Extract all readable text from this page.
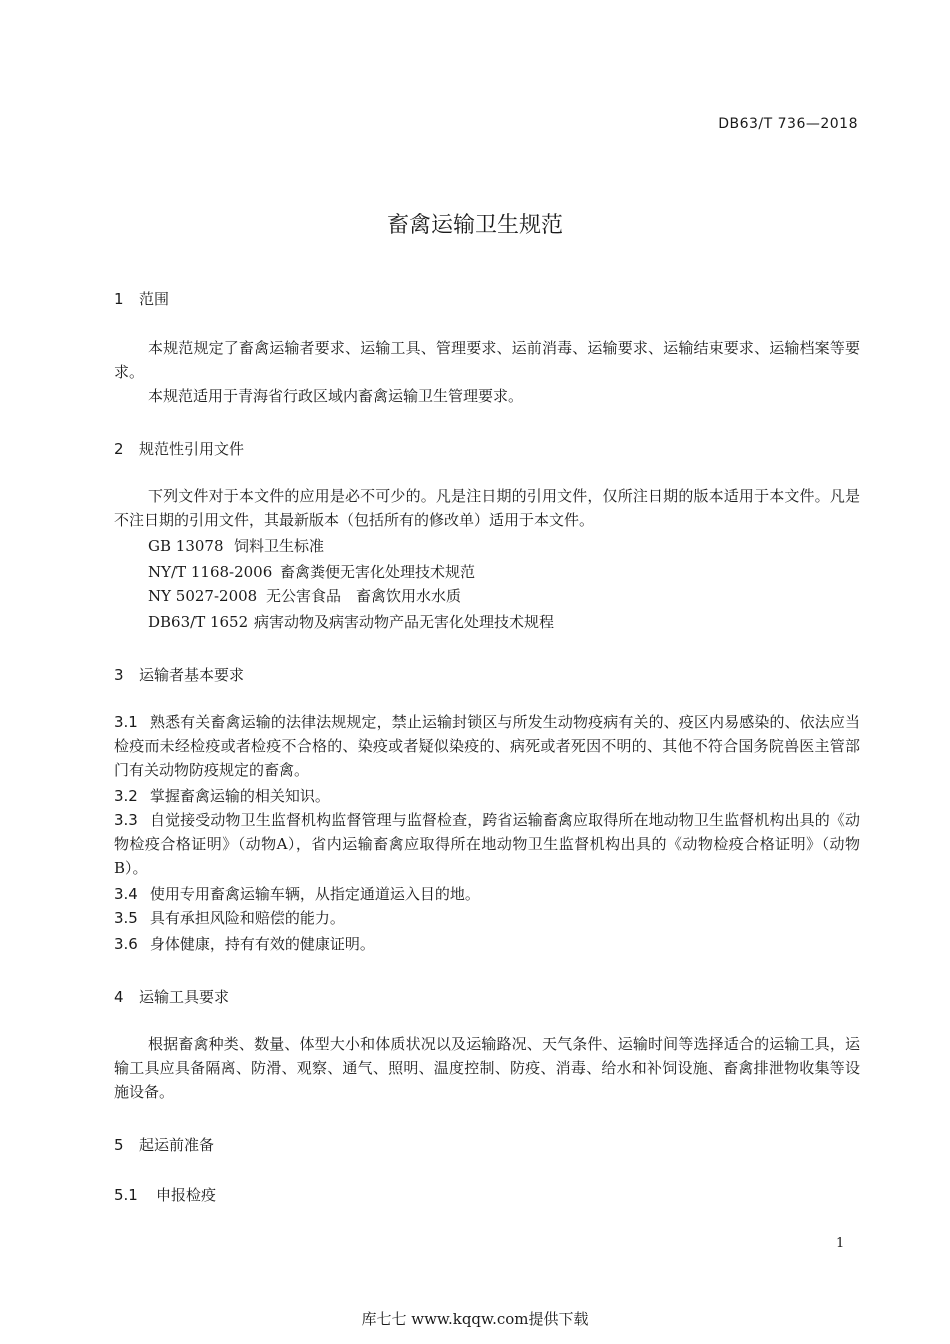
DB63/T 736—2018
畜禽运输卫生规范
1 范围
本规范规定了畜禽运输者要求、运输工具、管理要求、运前消毒、运输要求、运输结束要求、运输档案等要求。
本规范适用于青海省行政区域内畜禽运输卫生管理要求。
2 规范性引用文件
下列文件对于本文件的应用是必不可少的。凡是注日期的引用文件，仅所注日期的版本适用于本文件。凡是不注日期的引用文件，其最新版本（包括所有的修改单）适用于本文件。
GB 13078 饲料卫生标准
NY/T 1168-2006 畜禽粪便无害化处理技术规范
NY 5027-2008 无公害食品　畜禽饮用水水质
DB63/T 1652 病害动物及病害动物产品无害化处理技术规程
3 运输者基本要求
3.1 熟悉有关畜禽运输的法律法规规定，禁止运输封锁区与所发生动物疫病有关的、疫区内易感染的、依法应当检疫而未经检疫或者检疫不合格的、染疫或者疑似染疫的、病死或者死因不明的、其他不符合国务院兽医主管部门有关动物防疫规定的畜禽。
3.2 掌握畜禽运输的相关知识。
3.3 自觉接受动物卫生监督机构监督管理与监督检查，跨省运输畜禽应取得所在地动物卫生监督机构出具的《动物检疫合格证明》（动物A），省内运输畜禽应取得所在地动物卫生监督机构出具的《动物检疫合格证明》（动物B）。
3.4 使用专用畜禽运输车辆，从指定通道运入目的地。
3.5 具有承担风险和赔偿的能力。
3.6 身体健康，持有有效的健康证明。
4 运输工具要求
根据畜禽种类、数量、体型大小和体质状况以及运输路况、天气条件、运输时间等选择适合的运输工具，运输工具应具备隔离、防滑、观察、通气、照明、温度控制、防疫、消毒、给水和补饲设施、畜禽排泄物收集等设施设备。
5 起运前准备
5.1 申报检疫
1
库七七 www.kqqw.com提供下载
